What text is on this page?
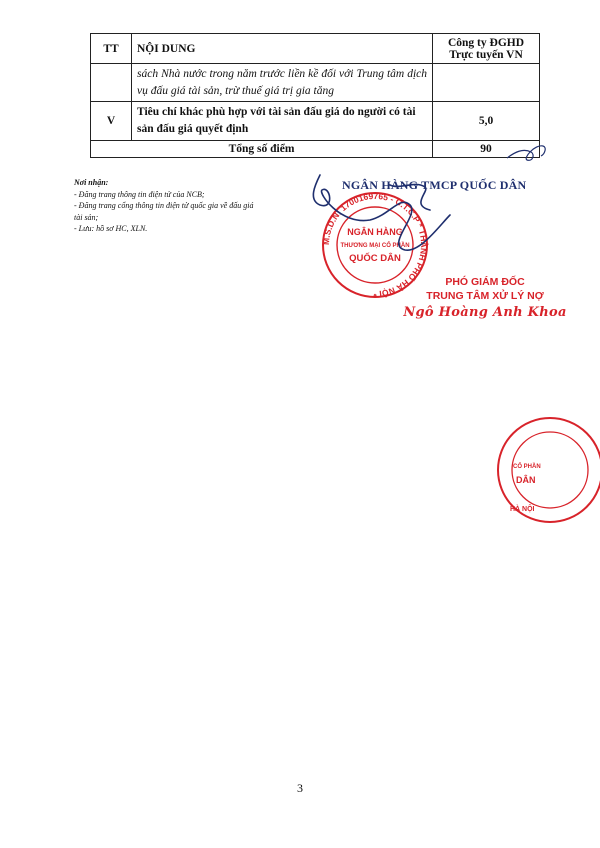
TT	NỘI DUNG	Công ty ĐGHD
Trực tuyến VN

	sách Nhà nước trong năm trước liền kề đối với Trung tâm dịch vụ đấu giá tài sản, trừ thuế giá trị gia tăng	
V	Tiêu chí khác phù hợp với tài sản đấu giá do người có tài sản đấu giá quyết định	5,0
Tổng số điểm		90
Nơi nhận:
- Đăng trang thông tin điện tử của NCB;
- Đăng trang cổng thông tin điện tử quốc gia về đấu giá tài sản;
- Lưu: hồ sơ HC, XLN.
NGÂN HÀNG TMCP QUỐC DÂN
M.S.D.N: 1700169765 - C.T.C.P * THÀNH PHỐ HÀ NỘI *
NGÂN HÀNG
THƯƠNG MẠI CỔ PHẦN
QUỐC DÂN
PHÓ GIÁM ĐỐC
TRUNG TÂM XỬ LÝ NỢ
Ngô Hoàng Anh Khoa
CỔ PHẦN
DÂN
HÀ NỘI
3
